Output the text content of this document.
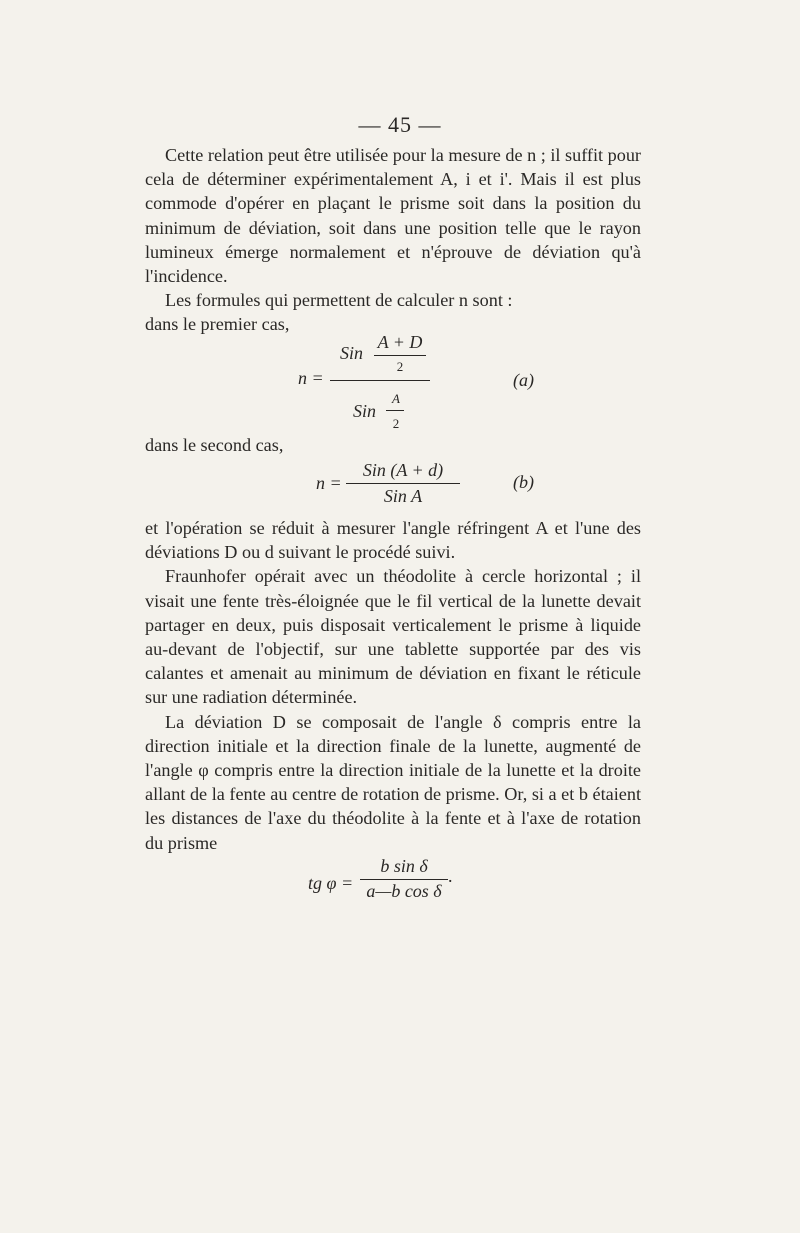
— 45 —

Cette relation peut être utilisée pour la mesure de n ; il suffit pour cela de déterminer expérimentalement A, i et i'. Mais il est plus commode d'opérer en plaçant le prisme soit dans la position du minimum de déviation, soit dans une position telle que le rayon lumineux émerge normalement et n'éprouve de déviation qu'à l'incidence.

Les formules qui permettent de calculer n sont :

dans le premier cas,

n =
Sin
A + D
2
Sin
A
2
(a)

dans le second cas,

n =
Sin (A + d)
Sin A
(b)

et l'opération se réduit à mesurer l'angle réfringent A et l'une des déviations D ou d suivant le procédé suivi.

Fraunhofer opérait avec un théodolite à cercle horizontal ; il visait une fente très-éloignée que le fil vertical de la lunette devait partager en deux, puis disposait verticalement le prisme à liquide au-devant de l'objectif, sur une tablette supportée par des vis calantes et amenait au minimum de déviation en fixant le réticule sur une radiation déterminée.

La déviation D se composait de l'angle δ compris entre la direction initiale et la direction finale de la lunette, augmenté de l'angle φ compris entre la direction initiale de la lunette et la droite allant de la fente au centre de rotation de prisme. Or, si a et b étaient les distances de l'axe du théodolite à la fente et à l'axe de rotation du prisme

tg φ =
b sin δ
a—b cos δ
.
